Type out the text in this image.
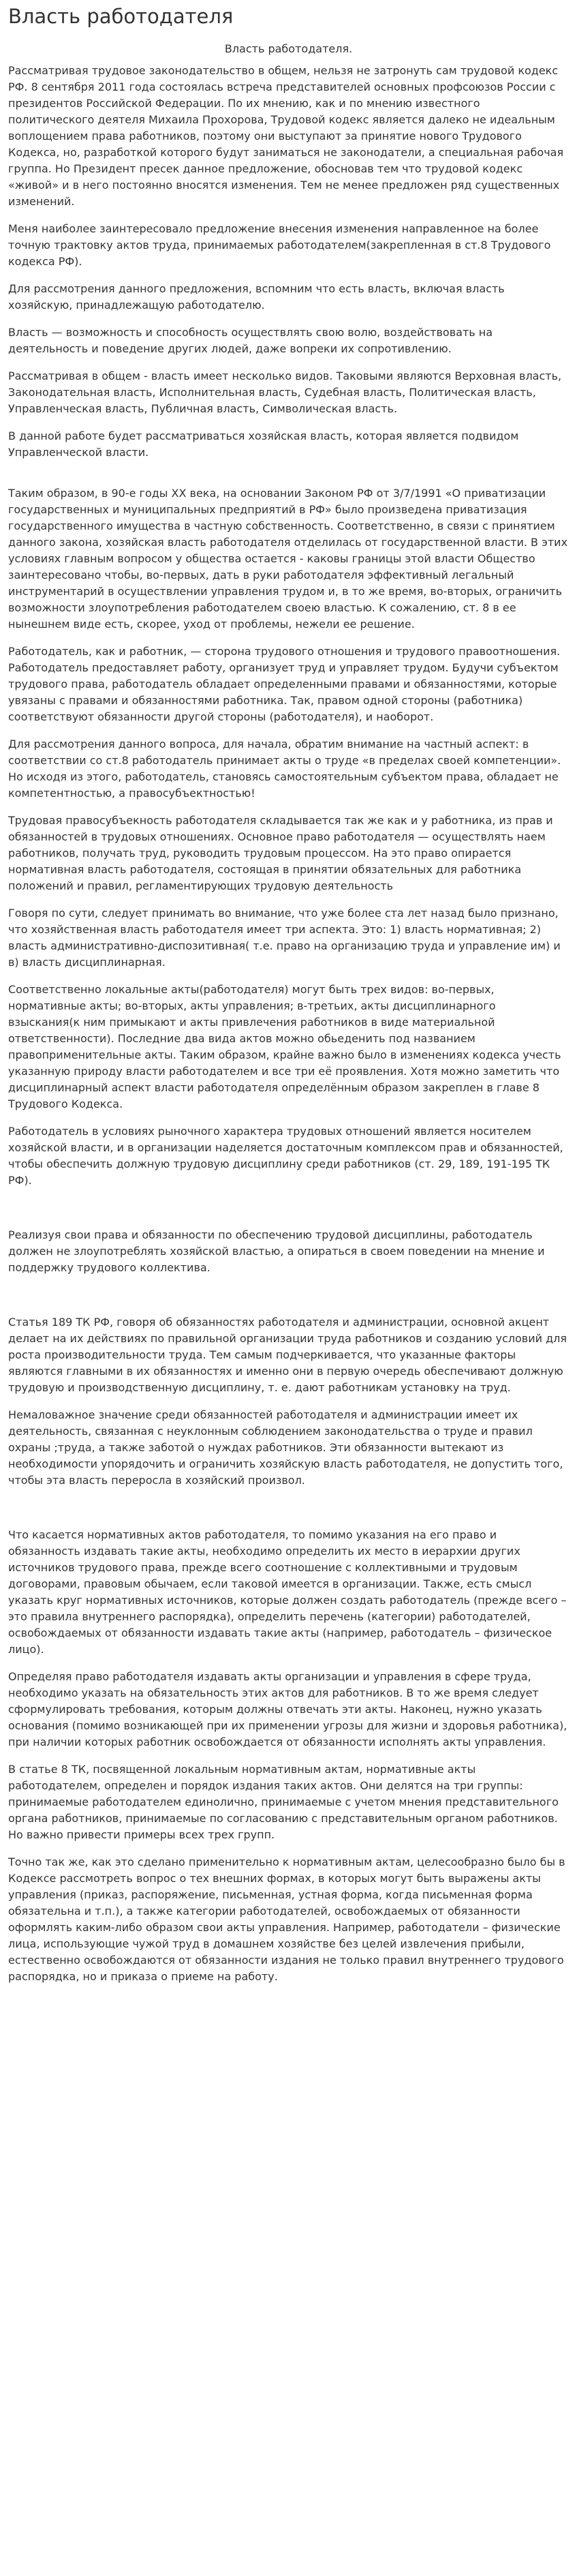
Власть работодателя
Власть работодателя.

Рассматривая трудовое законодательство в общем, нельзя не затронуть сам трудовой кодекс РФ. 8 сентября 2011 года состоялась встреча представителей основных профсоюзов России с президентов Российской Федерации. По их мнению, как и по мнению известного политического деятеля Михаила Прохорова, Трудовой кодекс является далеко не идеальным воплощением права работников, поэтому они выступают за принятие нового Трудового Кодекса, но, разработкой которого будут заниматься не законодатели, а специальная рабочая группа. Но Президент пресек данное предложение, обосновав тем что трудовой кодекс «живой» и в него постоянно вносятся изменения. Тем не менее предложен ряд существенных изменений.

Меня наиболее заинтересовало предложение внесения изменения направленное на более точную трактовку актов труда, принимаемых работодателем(закрепленная в ст.8 Трудового кодекса РФ).

Для рассмотрения данного предложения, вспомним что есть власть, включая власть хозяйскую, принадлежащую работодателю.

Власть — возможность и способность осуществлять свою волю, воздействовать на деятельность и поведение других людей, даже вопреки их сопротивлению.

Рассматривая в общем - власть имеет несколько видов. Таковыми являются Верховная власть, Законодательная власть, Исполнительная власть, Судебная власть, Политическая власть, Управленческая власть, Публичная власть, Символическая власть.

В данной работе будет рассматриваться хозяйская власть, которая является подвидом Управленческой власти.

Таким образом, в 90-е годы XX века, на основании Законом РФ от 3/7/1991 «О приватизации государственных и муниципальных предприятий в РФ» было произведена приватизация государственного имущества в частную собственность. Соответственно, в связи с принятием данного закона, хозяйская власть работодателя отделилась от государственной власти. В этих условиях главным вопросом у общества остается - каковы границы этой власти Общество заинтересовано чтобы, во-первых, дать в руки работодателя эффективный легальный инструментарий в осуществлении управления трудом и, в то же время, во-вторых, ограничить возможности злоупотребления работодателем своею властью. К сожалению, ст. 8 в ее нынешнем виде есть, скорее, уход от проблемы, нежели ее решение.

Работодатель, как и работник, — сторона трудового отношения и трудового правоотношения. Работодатель предоставляет работу, организует труд и управляет трудом. Будучи субъектом трудового права, работодатель обладает определенными правами и обязанностями, которые увязаны с правами и обязанностями работника. Так, правом одной стороны (работника) соответствуют обязанности другой стороны (работодателя), и наоборот.

Для рассмотрения данного вопроса, для начала, обратим внимание на частный аспект: в соответствии со ст.8 работодатель принимает акты о труде «в пределах своей компетенции». Но исходя из этого, работодатель, становясь самостоятельным субъектом права, обладает не компетентностью, а правосубъектностью!

Трудовая правосубъекность работодателя складывается так же как и у работника, из прав и обязанностей в трудовых отношениях. Основное право работодателя — осуществлять наем работников, получать труд, руководить трудовым процессом. На это право опирается нормативная власть работодателя, состоящая в принятии обязательных для работника положений и правил, регламентирующих трудовую деятельность

Говоря по сути, следует принимать во внимание, что уже более ста лет назад было признано, что хозяйственная власть работодателя имеет три аспекта. Это: 1) власть нормативная; 2) власть административно-диспозитивная( т.е. право на организацию труда и управление им) и в) власть дисциплинарная.

Соответственно локальные акты(работодателя) могут быть трех видов: во-первых, нормативные акты; во-вторых, акты управления; в-третьих, акты дисциплинарного взыскания(к ним примыкают и акты привлечения работников в виде материальной ответственности). Последние два вида актов можно обьеденить под названием правоприменительные акты. Таким образом, крайне важно было в изменениях кодекса учесть указанную природу власти работодателем и все три её проявления. Хотя можно заметить что дисциплинарный аспект власти работодателя определённым образом закреплен в главе 8 Трудового Кодекса.

Работодатель в условиях рыночного характера трудовых отношений является носителем хозяйской власти, и в организации наделяется достаточным комплексом прав и обязанностей, чтобы обеспечить должную трудовую дисциплину среди работников (ст. 29, 189, 191-195 ТК РФ).

Реализуя свои права и обязанности по обеспечению трудовой дисциплины, работодатель должен не злоупотреблять хозяйской властью, а опираться в своем поведении на мнение и поддержку трудового коллектива.

Статья 189 ТК РФ, говоря об обязанностях работодателя и администрации, основной акцент делает на их действиях по правильной организации труда работников и созданию условий для роста производительности труда. Тем самым подчеркивается, что указанные факторы являются главными в их обязанностях и именно они в первую очередь обеспечивают должную трудовую и производственную дисциплину, т. е. дают работникам установку на труд.

Немаловажное значение среди обязанностей работодателя и администрации имеет их деятельность, связанная с неуклонным соблюдением законодательства о труде и правил охраны ;труда, а также заботой о нуждах работников. Эти обязанности вытекают из необходимости упорядочить и ограничить хозяйскую власть работодателя, не допустить того, чтобы эта власть переросла в хозяйский произвол.

Что касается нормативных актов работодателя, то помимо указания на его право и обязанность издавать такие акты, необходимо определить их место в иерархии других источников трудового права, прежде всего соотношение с коллективными и трудовым договорами, правовым обычаем, если таковой имеется в организации. Также, есть смысл указать круг нормативных источников, которые должен создать работодатель (прежде всего – это правила внутреннего распорядка), определить перечень (категории) работодателей, освобождаемых от обязанности издавать такие акты (например, работодатель – физическое лицо).

Определяя право работодателя издавать акты организации и управления в сфере труда, необходимо указать на обязательность этих актов для работников. В то же время следует сформулировать требования, которым должны отвечать эти акты. Наконец, нужно указать основания (помимо возникающей при их применении угрозы для жизни и здоровья работника), при наличии которых работник освобождается от обязанности исполнять акты управления.

В статье 8 ТК, посвященной локальным нормативным актам, нормативные акты работодателем, определен и порядок издания таких актов. Они делятся на три группы: принимаемые работодателем единолично, принимаемые с учетом мнения представительного органа работников, принимаемые по согласованию с представительным органом работников. Но важно привести примеры всех трех групп.

Точно так же, как это сделано применительно к нормативным актам, целесообразно было бы в Кодексе рассмотреть вопрос о тех внешних формах, в которых могут быть выражены акты управления (приказ, распоряжение, письменная, устная форма, когда письменная форма обязательна и т.п.), а также категории работодателей, освобождаемых от обязанности оформлять каким-либо образом свои акты управления. Например, работодатели – физические лица, использующие чужой труд в домашнем хозяйстве без целей извлечения прибыли, естественно освобождаются от обязанности издания не только правил внутреннего трудового распорядка, но и приказа о приеме на работу.
